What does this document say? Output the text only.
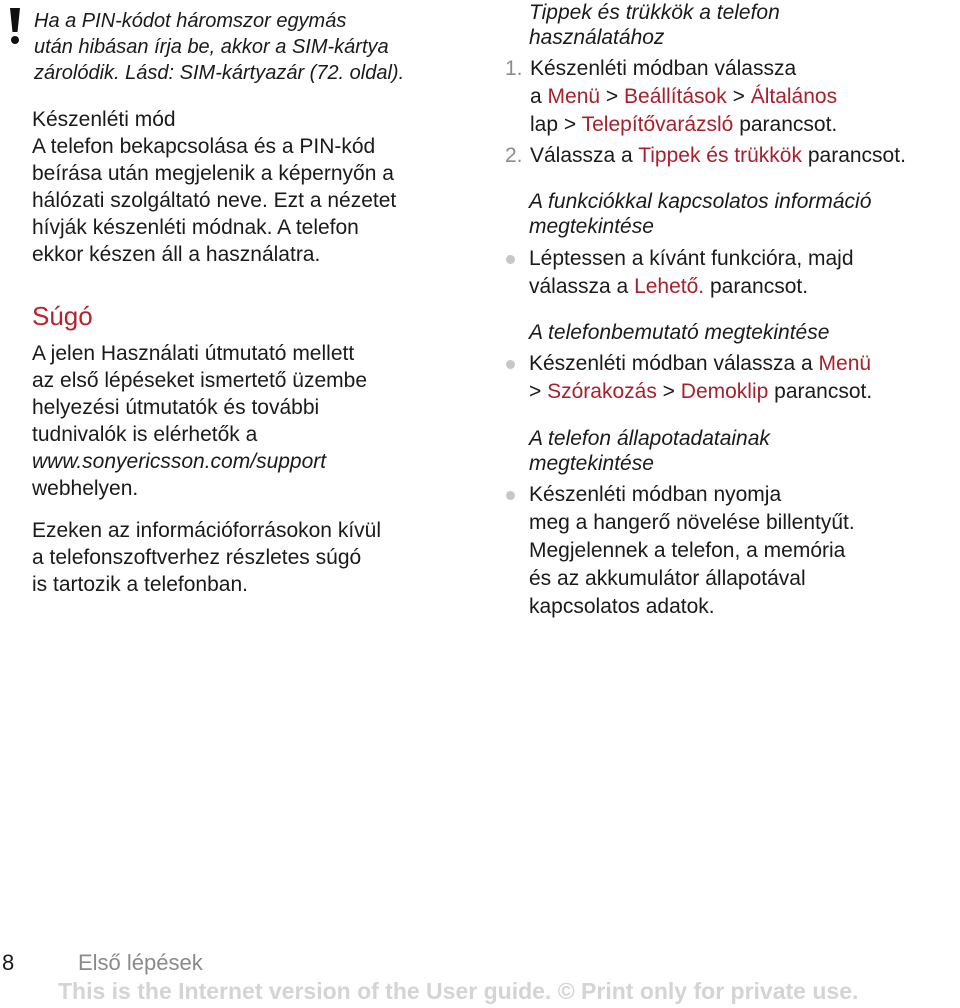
Ha a PIN-kódot háromszor egymás
után hibásan írja be, akkor a SIM-kártya
zárolódik. Lásd: SIM-kártyazár (72. oldal).
Készenléti mód

A telefon bekapcsolása és a PIN-kód

beírása után megjelenik a képernyőn a

hálózati szolgáltató neve. Ezt a nézetet

hívják készenléti módnak. A telefon

ekkor készen áll a használatra.

Súgó

A jelen Használati útmutató mellett

az első lépéseket ismertető üzembe

helyezési útmutatók és további

tudnivalók is elérhetők a

www.sonyericsson.com/support

webhelyen.

Ezeken az információforrásokon kívül

a telefonszoftverhez részletes súgó

is tartozik a telefonban.

Tippek és trükkök a telefon
használatához
1. Készenléti módban válassza
a Menü > Beállítások > Általános
lap > Telepítővarázsló parancsot.
2. Válassza a Tippek és trükkök parancsot.
A funkciókkal kapcsolatos információ
megtekintése
Léptessen a kívánt funkcióra, majd
válassza a Lehető. parancsot.
A telefonbemutató megtekintése
Készenléti módban válassza a Menü
> Szórakozás > Demoklip parancsot.
A telefon állapotadatainak
megtekintése
Készenléti módban nyomja
meg a hangerő növelése billentyűt.
Megjelennek a telefon, a memória
és az akkumulátor állapotával
kapcsolatos adatok.
8	Első lépések
This is the Internet version of the User guide. © Print only for private use.
